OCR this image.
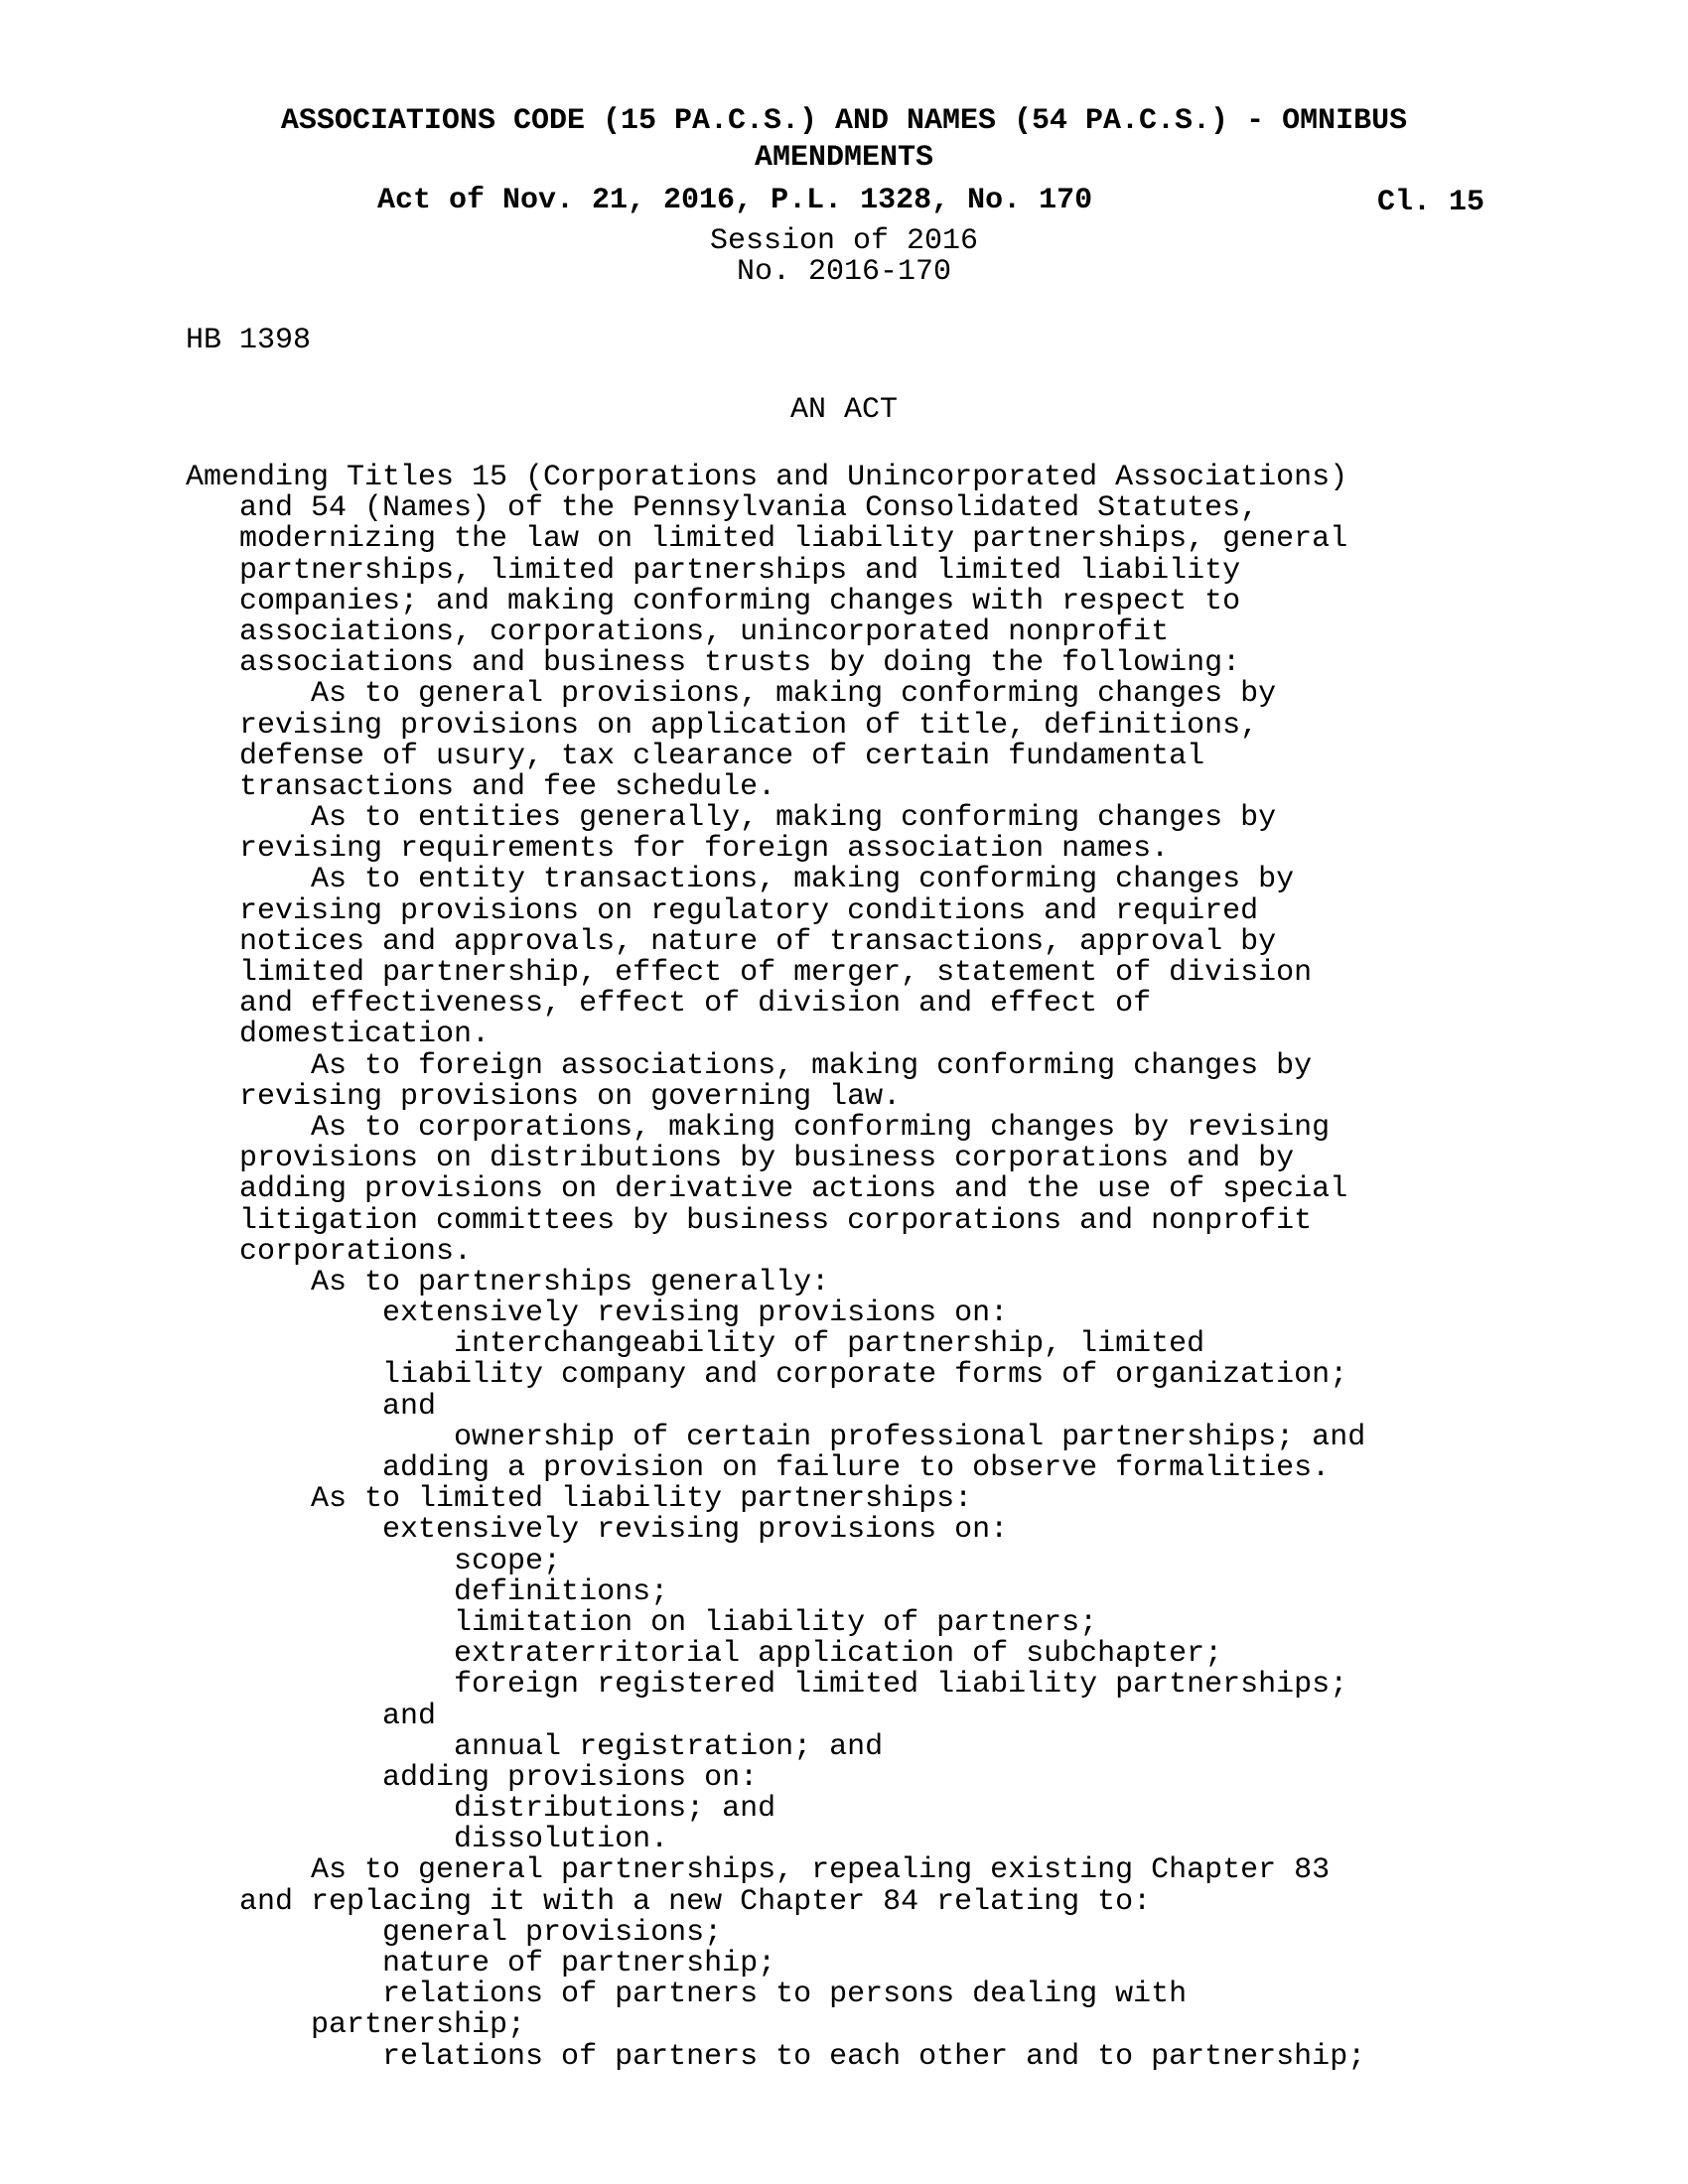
ASSOCIATIONS CODE (15 PA.C.S.) AND NAMES (54 PA.C.S.) - OMNIBUS
AMENDMENTS
Act of Nov. 21, 2016, P.L. 1328, No. 170	Cl. 15
Session of 2016
No. 2016-170
HB 1398
AN ACT
Amending Titles 15 (Corporations and Unincorporated Associations)
and 54 (Names) of the Pennsylvania Consolidated Statutes,
modernizing the law on limited liability partnerships, general
partnerships, limited partnerships and limited liability
companies; and making conforming changes with respect to
associations, corporations, unincorporated nonprofit
associations and business trusts by doing the following:
As to general provisions, making conforming changes by
revising provisions on application of title, definitions,
defense of usury, tax clearance of certain fundamental
transactions and fee schedule.
As to entities generally, making conforming changes by
revising requirements for foreign association names.
As to entity transactions, making conforming changes by
revising provisions on regulatory conditions and required
notices and approvals, nature of transactions, approval by
limited partnership, effect of merger, statement of division
and effectiveness, effect of division and effect of
domestication.
As to foreign associations, making conforming changes by
revising provisions on governing law.
As to corporations, making conforming changes by revising
provisions on distributions by business corporations and by
adding provisions on derivative actions and the use of special
litigation committees by business corporations and nonprofit
corporations.
As to partnerships generally:
extensively revising provisions on:
interchangeability of partnership, limited
liability company and corporate forms of organization;
and
ownership of certain professional partnerships; and
adding a provision on failure to observe formalities.
As to limited liability partnerships:
extensively revising provisions on:
scope;
definitions;
limitation on liability of partners;
extraterritorial application of subchapter;
foreign registered limited liability partnerships;
and
annual registration; and
adding provisions on:
distributions; and
dissolution.
As to general partnerships, repealing existing Chapter 83
and replacing it with a new Chapter 84 relating to:
general provisions;
nature of partnership;
relations of partners to persons dealing with
partnership;
relations of partners to each other and to partnership;
